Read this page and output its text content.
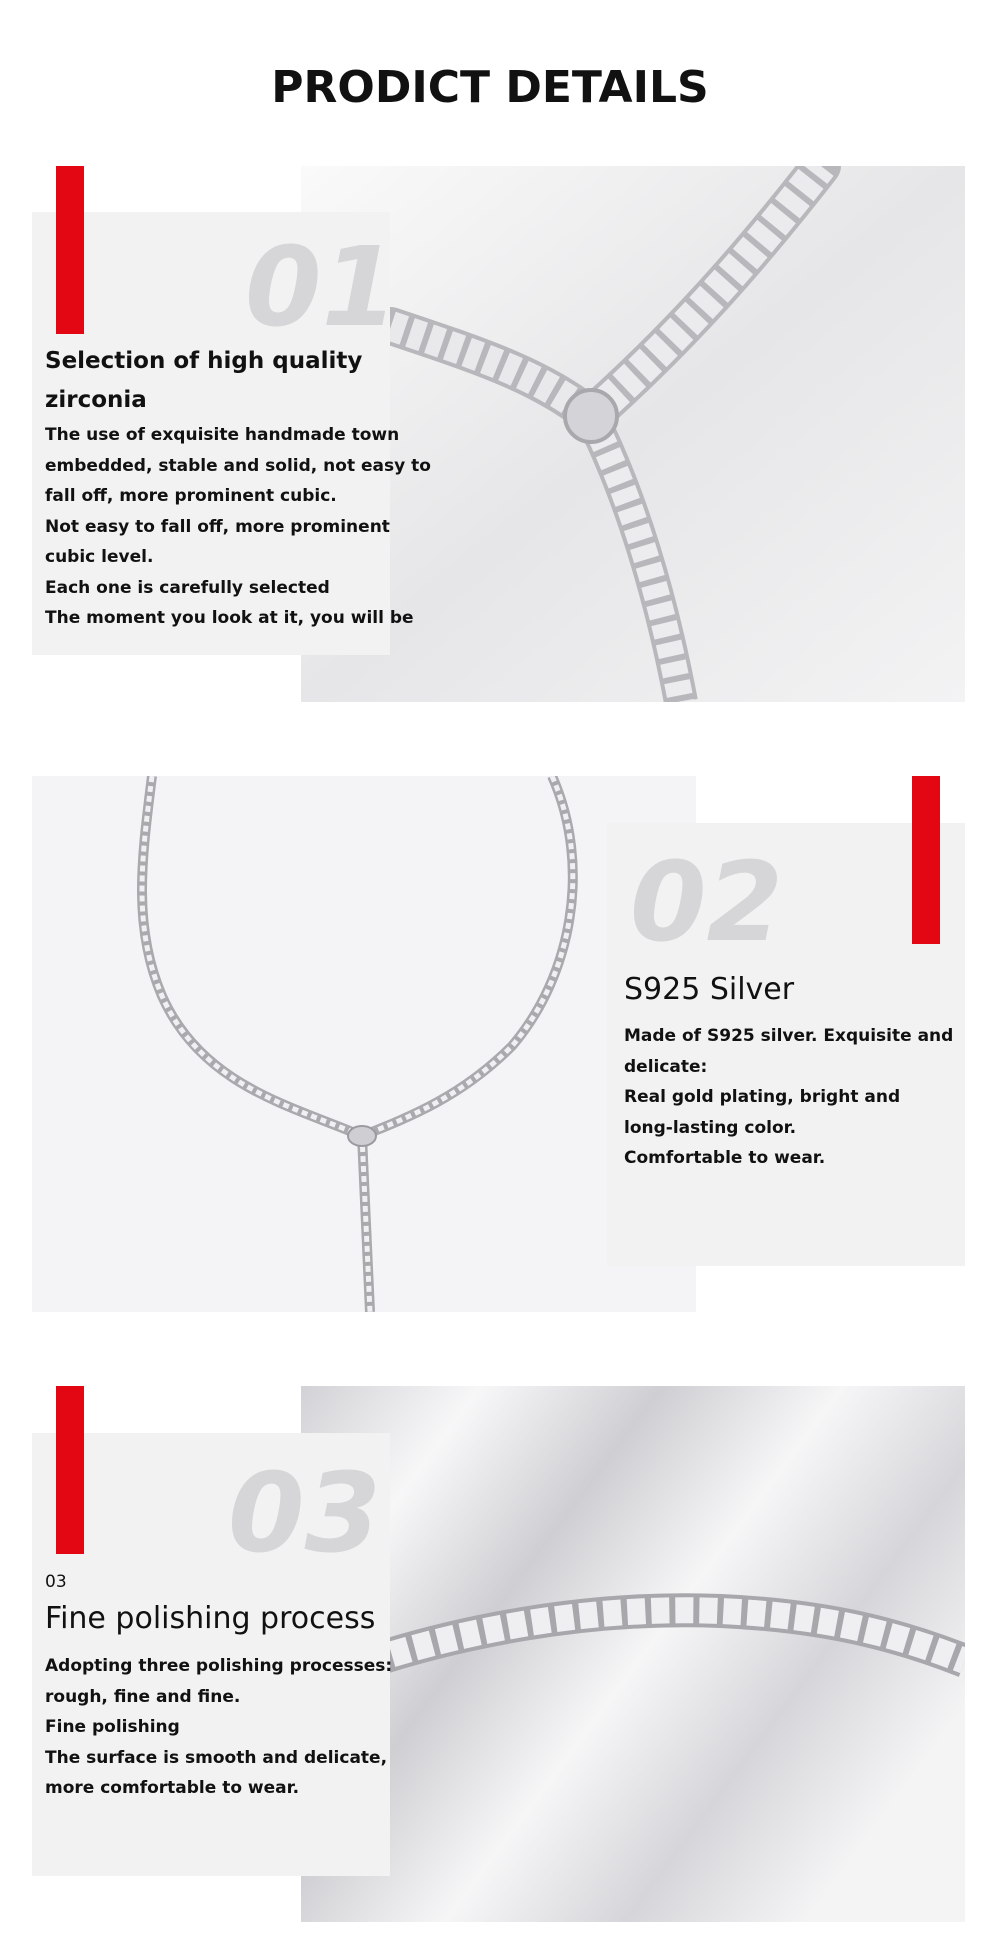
PRODICT DETAILS
01
Selection of high quality
zirconia
The use of exquisite handmade town
embedded, stable and solid, not easy to
fall off, more prominent cubic.
Not easy to fall off, more prominent
cubic level.
Each one is carefully selected
The moment you look at it, you will be
02
S925 Silver
Made of S925 silver. Exquisite and
delicate:
Real gold plating, bright and
long-lasting color.
Comfortable to wear.
03
03
Fine polishing process
Adopting three polishing processes:
rough, fine and fine.
Fine polishing
The surface is smooth and delicate,
more comfortable to wear.
